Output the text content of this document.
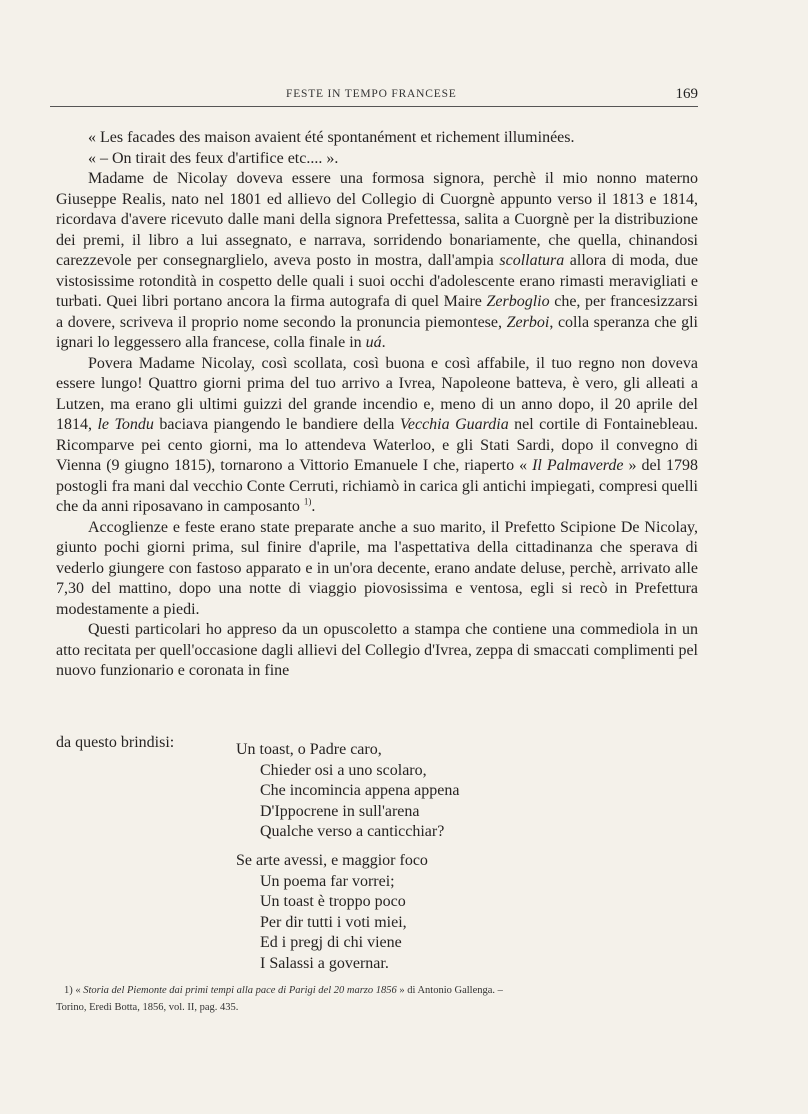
FESTE IN TEMPO FRANCESE	169
« Les facades des maison avaient été spontanément et richement illuminées.
« – On tirait des feux d'artifice etc.... ».

Madame de Nicolay doveva essere una formosa signora, perchè il mio nonno materno Giuseppe Realis, nato nel 1801 ed allievo del Collegio di Cuorgnè appunto verso il 1813 e 1814, ricordava d'avere ricevuto dalle mani della signora Prefettessa, salita a Cuorgnè per la distribuzione dei premi, il libro a lui assegnato, e narrava, sorridendo bonariamente, che quella, chinandosi carezzevole per consegnarglielo, aveva posto in mostra, dall'ampia scollatura allora di moda, due vistosissime rotondità in cospetto delle quali i suoi occhi d'adolescente erano rimasti meravigliati e turbati. Quei libri portano ancora la firma autografa di quel Maire Zerboglio che, per francesizzarsi a dovere, scriveva il proprio nome secondo la pronuncia piemontese, Zerboi, colla speranza che gli ignari lo leggessero alla francese, colla finale in uá.

Povera Madame Nicolay, così scollata, così buona e così affabile, il tuo regno non doveva essere lungo! Quattro giorni prima del tuo arrivo a Ivrea, Napoleone batteva, è vero, gli alleati a Lutzen, ma erano gli ultimi guizzi del grande incendio e, meno di un anno dopo, il 20 aprile del 1814, le Tondu baciava piangendo le bandiere della Vecchia Guardia nel cortile di Fontainebleau. Ricomparve pei cento giorni, ma lo attendeva Waterloo, e gli Stati Sardi, dopo il convegno di Vienna (9 giugno 1815), tornarono a Vittorio Emanuele I che, riaperto « Il Palmaverde » del 1798 postogli fra mani dal vecchio Conte Cerruti, richiamò in carica gli antichi impiegati, compresi quelli che da anni riposavano in camposanto $^{1)}$.

Accoglienze e feste erano state preparate anche a suo marito, il Prefetto Scipione De Nicolay, giunto pochi giorni prima, sul finire d'aprile, ma l'aspettativa della cittadinanza che sperava di vederlo giungere con fastoso apparato e in un'ora decente, erano andate deluse, perchè, arrivato alle 7,30 del mattino, dopo una notte di viaggio piovosissima e ventosa, egli si recò in Prefettura modestamente a piedi.

Questi particolari ho appreso da un opuscoletto a stampa che contiene una commediola in un atto recitata per quell'occasione dagli allievi del Collegio d'Ivrea, zeppa di smaccati complimenti pel nuovo funzionario e coronata in fine

da questo brindisi:	Un toast, o Padre caro,
Chieder osi a uno scolaro,
Che incomincia appena appena
D'Ippocrene in sull'arena
Qualche verso a canticchiar?
Se arte avessi, e maggior foco
Un poema far vorrei;
Un toast è troppo poco
Per dir tutti i voti miei,
Ed i pregj di chi viene
I Salassi a governar.
1) « Storia del Piemonte dai primi tempi alla pace di Parigi del 20 marzo 1856 » di Antonio Gallenga. –
Torino, Eredi Botta, 1856, vol. II, pag. 435.
